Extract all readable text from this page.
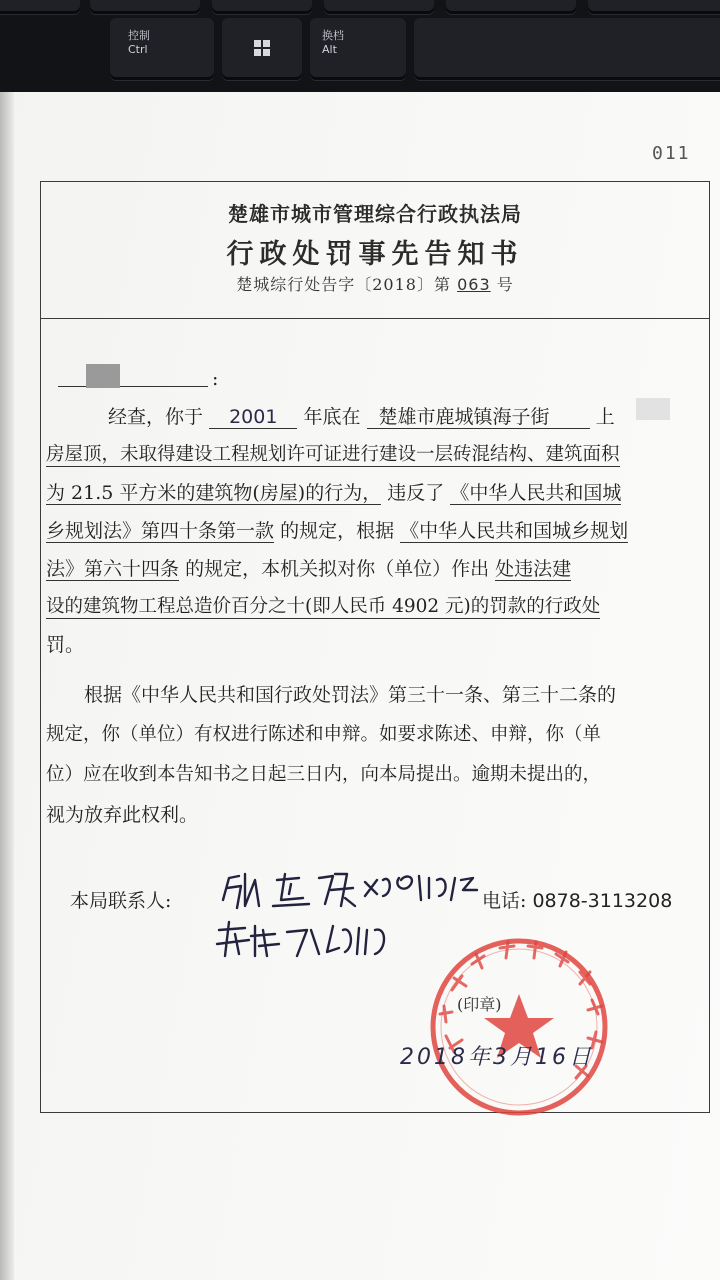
控制
Ctrl
换档
Alt
011
楚雄市城市管理综合行政执法局
行政处罚事先告知书
楚城综行处告字〔2018〕第 063 号
:
经查，你于 2001 年底在 楚雄市鹿城镇海子街 上
房屋顶，未取得建设工程规划许可证进行建设一层砖混结构、建筑面积
为 21.5 平方米的建筑物(房屋)的行为， 违反了 《中华人民共和国城
乡规划法》第四十条第一款 的规定，根据 《中华人民共和国城乡规划
法》第六十四条 的规定，本机关拟对你（单位）作出 处违法建
设的建筑物工程总造价百分之十(即人民币 4902 元)的罚款的行政处
罚。
根据《中华人民共和国行政处罚法》第三十一条、第三十二条的
规定，你（单位）有权进行陈述和申辩。如要求陈述、申辩，你（单
位）应在收到本告知书之日起三日内，向本局提出。逾期未提出的，
视为放弃此权利。
本局联系人:	电话: 0878-3113208
(印章)
2018年3月16日
